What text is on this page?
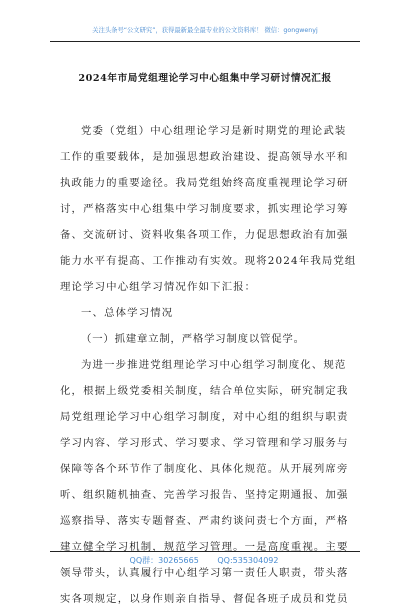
关注头条号“公文研究”，获得最新最全最专业的公文资料库！ 微信：gongwenyj
2024年市局党组理论学习中心组集中学习研讨情况汇报
党委（党组）中心组理论学习是新时期党的理论武装
工作的重要载体，是加强思想政治建设、提高领导水平和
执政能力的重要途径。我局党组始终高度重视理论学习研
讨，严格落实中心组集中学习制度要求，抓实理论学习筹
备、交流研讨、资料收集各项工作，力促思想政治有加强
能力水平有提高、工作推动有实效。现将2024年我局党组
理论学习中心组学习情况作如下汇报：
一、总体学习情况
（一）抓建章立制，严格学习制度以管促学。
为进一步推进党组理论学习中心组学习制度化、规范
化，根据上级党委相关制度，结合单位实际，研究制定我
局党组理论学习中心组学习制度，对中心组的组织与职责
学习内容、学习形式、学习要求、学习管理和学习服务与
保障等各个环节作了制度化、具体化规范。从开展列席旁
听、组织随机抽查、完善学习报告、坚持定期通报、加强
巡察指导、落实专题督查、严肃约谈问责七个方面，严格
建立健全学习机制，规范学习管理。一是高度重视。主要
领导带头，认真履行中心组学习第一责任人职责，带头落
实各项规定，以身作则亲自指导、督促各班子成员和党员
QQ群：30265665 QQ:535304092
